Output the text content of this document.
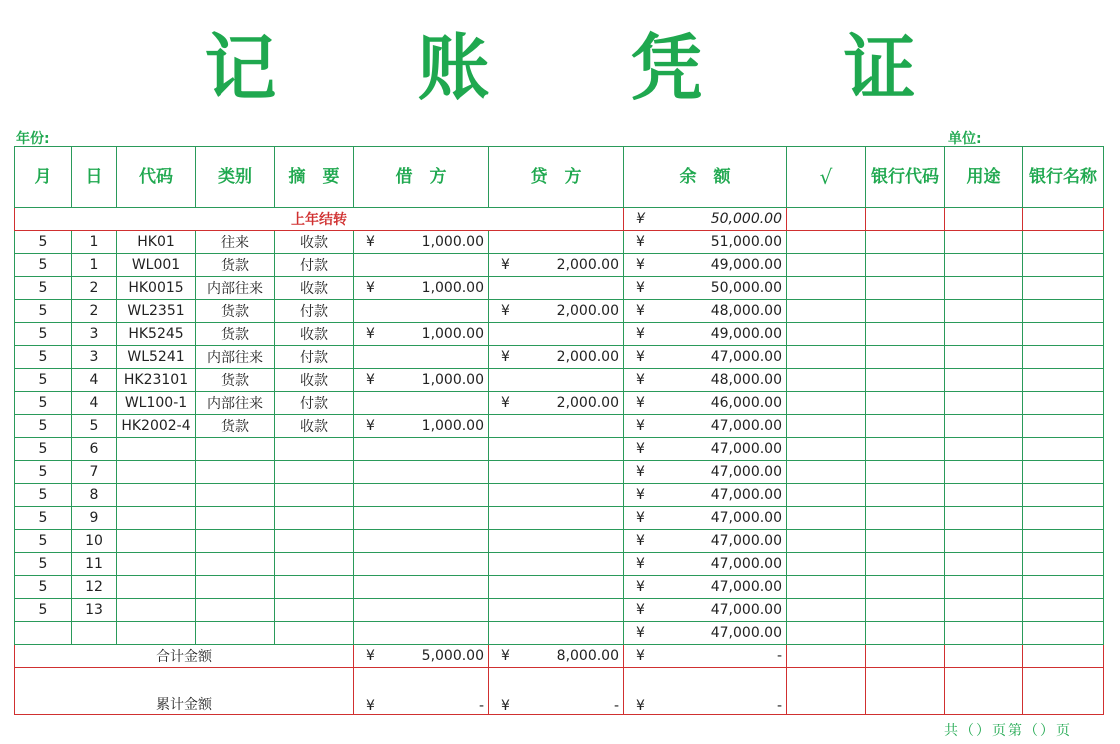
记 账 凭 证
年份:	单位:
月	日	代码	类别	摘　要	借　方	贷　方	余　额	√	银行代码	用途	银行名称
上年结转							¥ 50,000.00				

5	1	HK01	往来	收款	¥ 1,000.00		¥ 51,000.00				

5	1	WL001	货款	付款		¥ 2,000.00	¥ 49,000.00				

5	2	HK0015	内部往来	收款	¥ 1,000.00		¥ 50,000.00				

5	2	WL2351	货款	付款		¥ 2,000.00	¥ 48,000.00				

5	3	HK5245	货款	收款	¥ 1,000.00		¥ 49,000.00				

5	3	WL5241	内部往来	付款		¥ 2,000.00	¥ 47,000.00				

5	4	HK23101	货款	收款	¥ 1,000.00		¥ 48,000.00				

5	4	WL100-1	内部往来	付款		¥ 2,000.00	¥ 46,000.00				

5	5	HK2002-4	货款	收款	¥ 1,000.00		¥ 47,000.00				

5	6						¥ 47,000.00				

5	7						¥ 47,000.00				

5	8						¥ 47,000.00				

5	9						¥ 47,000.00				

5	10						¥ 47,000.00				

5	11						¥ 47,000.00				

5	12						¥ 47,000.00				

5	13						¥ 47,000.00				

							¥ 47,000.00				

合计金额					¥ 5,000.00	¥ 8,000.00	¥ -				

累计金额					¥ -	¥ -	¥ -				

共（）页第（）页
